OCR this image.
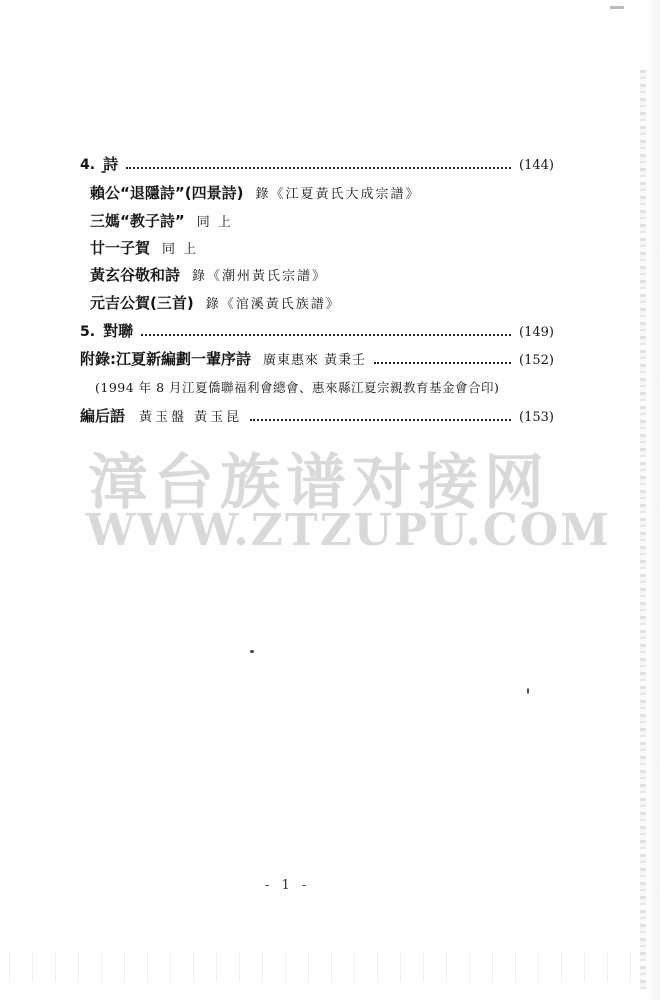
4. 詩	(144)
賴公“退隱詩”(四景詩) 錄《江夏黃氏大成宗譜》
三媽“教子詩” 同 上
廿一子賀 同 上
黃玄谷敬和詩 錄《潮州黃氏宗譜》
元吉公賀(三首) 錄《涫溪黃氏族譜》
5. 對聯	(149)
附錄:江夏新編劃一輩序詩 廣東惠來 黃秉壬	(152)
(1994 年 8 月江夏僑聯福利會總會、惠來縣江夏宗親教育基金會合印)
編后語 黃玉盤 黃玉昆	(153)
漳台族谱对接网
WWW.ZTZUPU.COM
- 1 -
